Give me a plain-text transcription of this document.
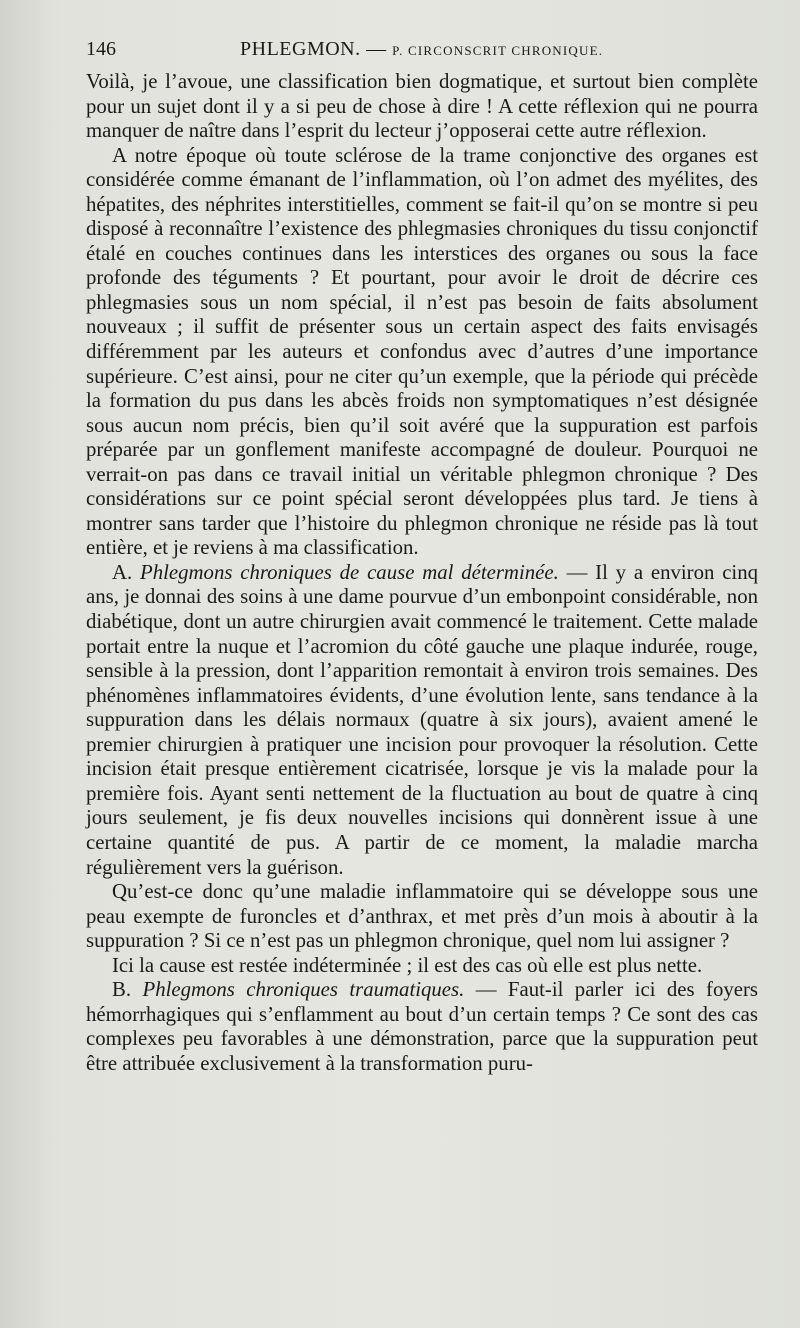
146	PHLEGMON. — P. CIRCONSCRIT CHRONIQUE.

Voilà, je l’avoue, une classification bien dogmatique, et surtout bien complète pour un sujet dont il y a si peu de chose à dire ! A cette réflexion qui ne pourra manquer de naître dans l’esprit du lecteur j’opposerai cette autre réflexion.

A notre époque où toute sclérose de la trame conjonctive des organes est considérée comme émanant de l’inflammation, où l’on admet des myélites, des hépatites, des néphrites interstitielles, comment se fait-il qu’on se montre si peu disposé à reconnaître l’existence des phlegmasies chroniques du tissu conjonctif étalé en couches continues dans les interstices des organes ou sous la face profonde des téguments ? Et pourtant, pour avoir le droit de décrire ces phlegmasies sous un nom spécial, il n’est pas besoin de faits absolument nouveaux ; il suffit de présenter sous un certain aspect des faits envisagés différemment par les auteurs et confondus avec d’autres d’une importance supérieure. C’est ainsi, pour ne citer qu’un exemple, que la période qui précède la formation du pus dans les abcès froids non symptomatiques n’est désignée sous aucun nom précis, bien qu’il soit avéré que la suppuration est parfois préparée par un gonflement manifeste accompagné de douleur. Pourquoi ne verrait-on pas dans ce travail initial un véritable phlegmon chronique ? Des considérations sur ce point spécial seront développées plus tard. Je tiens à montrer sans tarder que l’histoire du phlegmon chronique ne réside pas là tout entière, et je reviens à ma classification.

A. Phlegmons chroniques de cause mal déterminée. — Il y a environ cinq ans, je donnai des soins à une dame pourvue d’un embonpoint considérable, non diabétique, dont un autre chirurgien avait commencé le traitement. Cette malade portait entre la nuque et l’acromion du côté gauche une plaque indurée, rouge, sensible à la pression, dont l’apparition remontait à environ trois semaines. Des phénomènes inflammatoires évidents, d’une évolution lente, sans tendance à la suppuration dans les délais normaux (quatre à six jours), avaient amené le premier chirurgien à pratiquer une incision pour provoquer la résolution. Cette incision était presque entièrement cicatrisée, lorsque je vis la malade pour la première fois. Ayant senti nettement de la fluctuation au bout de quatre à cinq jours seulement, je fis deux nouvelles incisions qui donnèrent issue à une certaine quantité de pus. A partir de ce moment, la maladie marcha régulièrement vers la guérison.

Qu’est-ce donc qu’une maladie inflammatoire qui se développe sous une peau exempte de furoncles et d’anthrax, et met près d’un mois à aboutir à la suppuration ? Si ce n’est pas un phlegmon chronique, quel nom lui assigner ?

Ici la cause est restée indéterminée ; il est des cas où elle est plus nette.

B. Phlegmons chroniques traumatiques. — Faut-il parler ici des foyers hémorrhagiques qui s’enflamment au bout d’un certain temps ? Ce sont des cas complexes peu favorables à une démonstration, parce que la suppuration peut être attribuée exclusivement à la transformation puru-
